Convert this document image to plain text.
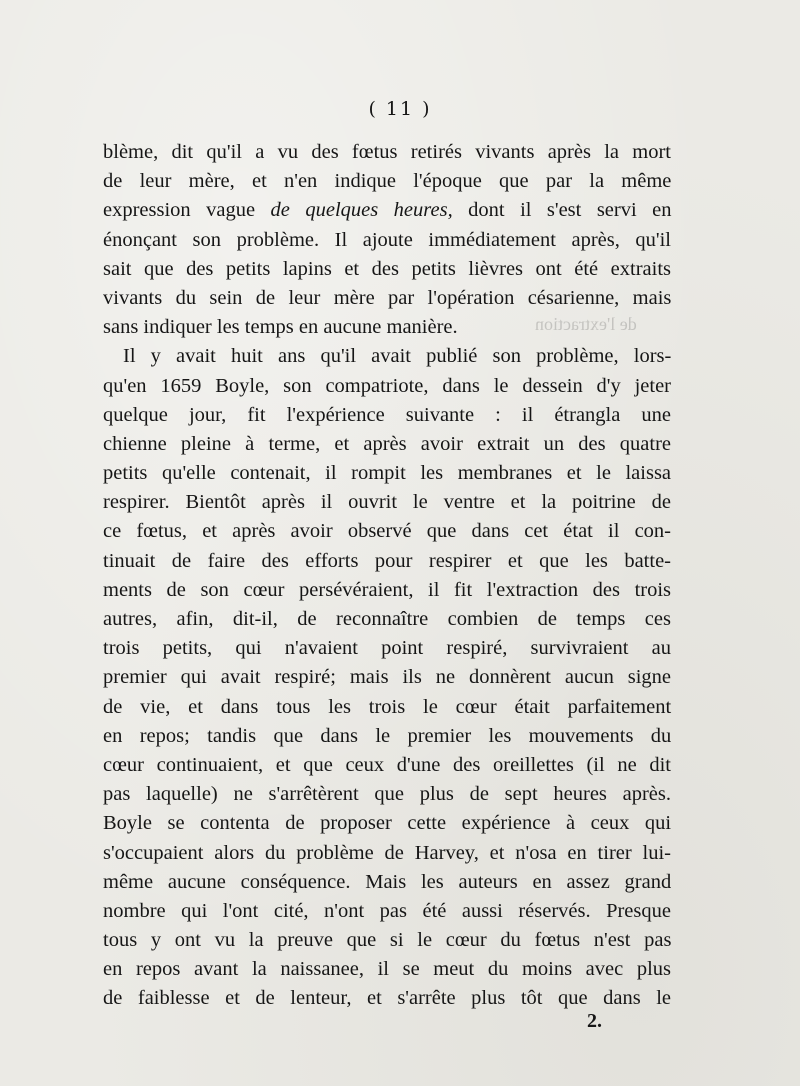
( 11 )
de l'extraction
blème, dit qu'il a vu des fœtus retirés vivants après la mort
de leur mère, et n'en indique l'époque que par la même
expression vague de quelques heures, dont il s'est servi en
énonçant son problème. Il ajoute immédiatement après, qu'il
sait que des petits lapins et des petits lièvres ont été extraits
vivants du sein de leur mère par l'opération césarienne, mais
sans indiquer les temps en aucune manière.
Il y avait huit ans qu'il avait publié son problème, lors-
qu'en 1659 Boyle, son compatriote, dans le dessein d'y jeter
quelque jour, fit l'expérience suivante : il étrangla une
chienne pleine à terme, et après avoir extrait un des quatre
petits qu'elle contenait, il rompit les membranes et le laissa
respirer. Bientôt après il ouvrit le ventre et la poitrine de
ce fœtus, et après avoir observé que dans cet état il con-
tinuait de faire des efforts pour respirer et que les batte-
ments de son cœur persévéraient, il fit l'extraction des trois
autres, afin, dit-il, de reconnaître combien de temps ces
trois petits, qui n'avaient point respiré, survivraient au
premier qui avait respiré; mais ils ne donnèrent aucun signe
de vie, et dans tous les trois le cœur était parfaitement
en repos; tandis que dans le premier les mouvements du
cœur continuaient, et que ceux d'une des oreillettes (il ne dit
pas laquelle) ne s'arrêtèrent que plus de sept heures après.
Boyle se contenta de proposer cette expérience à ceux qui
s'occupaient alors du problème de Harvey, et n'osa en tirer lui-
même aucune conséquence. Mais les auteurs en assez grand
nombre qui l'ont cité, n'ont pas été aussi réservés. Presque
tous y ont vu la preuve que si le cœur du fœtus n'est pas
en repos avant la naissanee, il se meut du moins avec plus
de faiblesse et de lenteur, et s'arrête plus tôt que dans le
2.
